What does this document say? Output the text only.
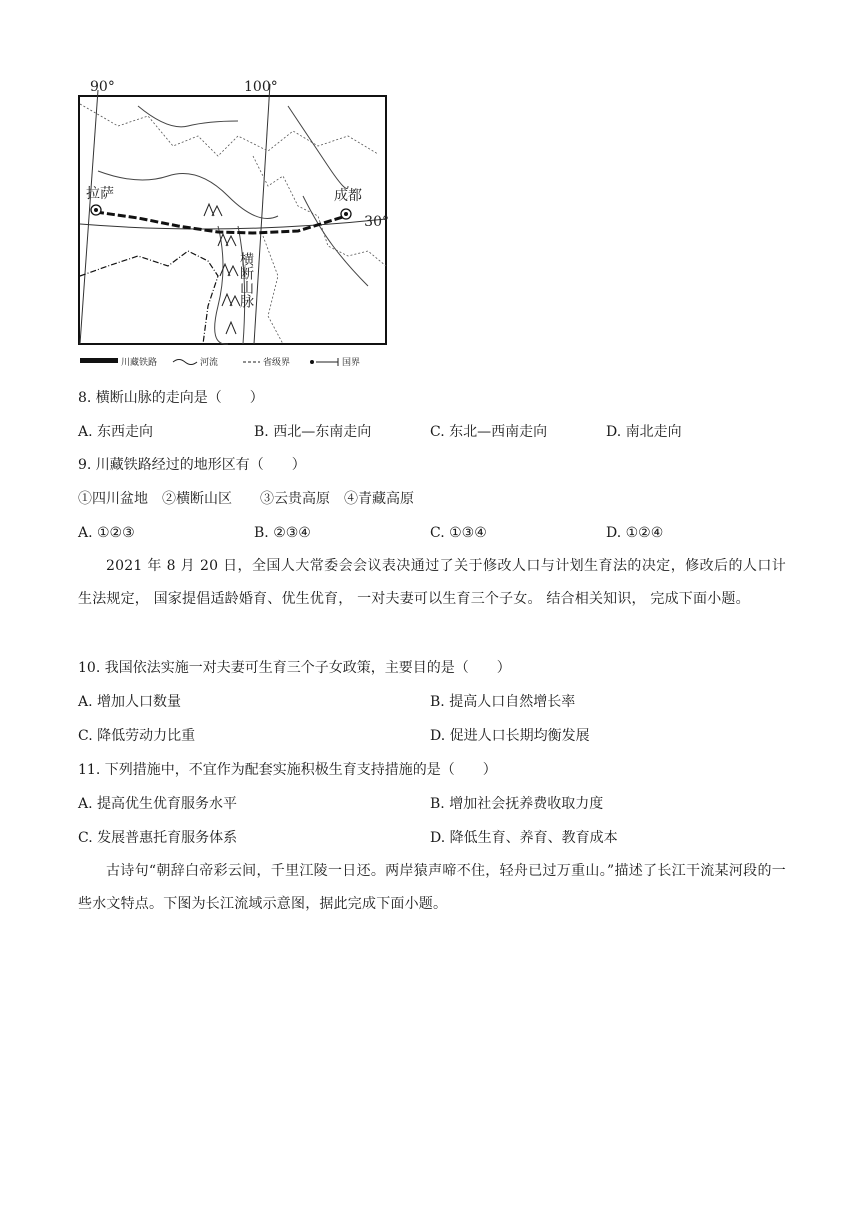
90°	100°
30°
拉萨	成都
横断山脉
川藏铁路	河流	省级界	国界
8. 横断山脉的走向是（　　）
A. 东西走向	B. 西北—东南走向	C. 东北—西南走向	D. 南北走向
9. 川藏铁路经过的地形区有（　　）
①四川盆地　②横断山区　　③云贵高原　④青藏高原
A. ①②③	B. ②③④	C. ①③④	D. ①②④
2021 年 8 月 20 日，全国人大常委会会议表决通过了关于修改人口与计划生育法的决定，修改后的人口计生法规定， 国家提倡适龄婚育、优生优育， 一对夫妻可以生育三个子女。 结合相关知识， 完成下面小题。
10. 我国依法实施一对夫妻可生育三个子女政策，主要目的是（　　）
A. 增加人口数量	B. 提高人口自然增长率
C. 降低劳动力比重	D. 促进人口长期均衡发展
11. 下列措施中，不宜作为配套实施积极生育支持措施的是（　　）
A. 提高优生优育服务水平	B. 增加社会抚养费收取力度
C. 发展普惠托育服务体系	D. 降低生育、养育、教育成本
古诗句“朝辞白帝彩云间，千里江陵一日还。两岸猿声啼不住，轻舟已过万重山。”描述了长江干流某河段的一些水文特点。下图为长江流域示意图，据此完成下面小题。
